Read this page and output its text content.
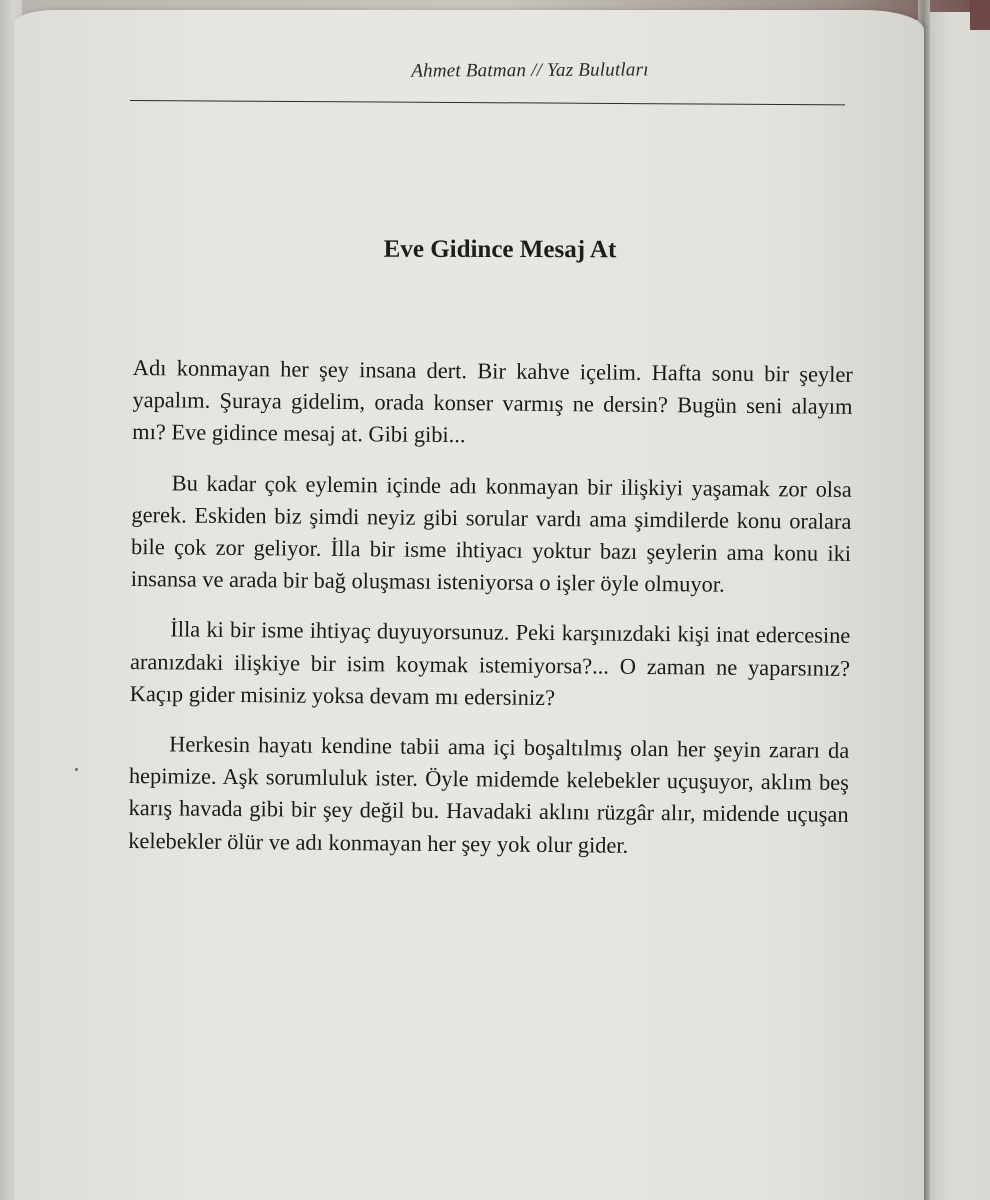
Ahmet Batman // Yaz Bulutları
Eve Gidince Mesaj At

Adı konmayan her şey insana dert. Bir kahve içelim. Hafta sonu bir şeyler yapalım. Şuraya gidelim, orada konser varmış ne dersin? Bugün seni alayım mı? Eve gidince mesaj at. Gibi gibi...

Bu kadar çok eylemin içinde adı konmayan bir ilişkiyi yaşamak zor olsa gerek. Eskiden biz şimdi neyiz gibi sorular vardı ama şimdilerde konu oralara bile çok zor geliyor. İlla bir isme ihtiyacı yoktur bazı şeylerin ama konu iki insansa ve arada bir bağ oluşması isteniyorsa o işler öyle olmuyor.

İlla ki bir isme ihtiyaç duyuyorsunuz. Peki karşınızdaki kişi inat edercesine aranızdaki ilişkiye bir isim koymak istemiyorsa?... O zaman ne yaparsınız? Kaçıp gider misiniz yoksa devam mı edersiniz?

Herkesin hayatı kendine tabii ama içi boşaltılmış olan her şeyin zararı da hepimize. Aşk sorumluluk ister. Öyle midemde kelebekler uçuşuyor, aklım beş karış havada gibi bir şey değil bu. Havadaki aklını rüzgâr alır, midende uçuşan kelebekler ölür ve adı konmayan her şey yok olur gider.
